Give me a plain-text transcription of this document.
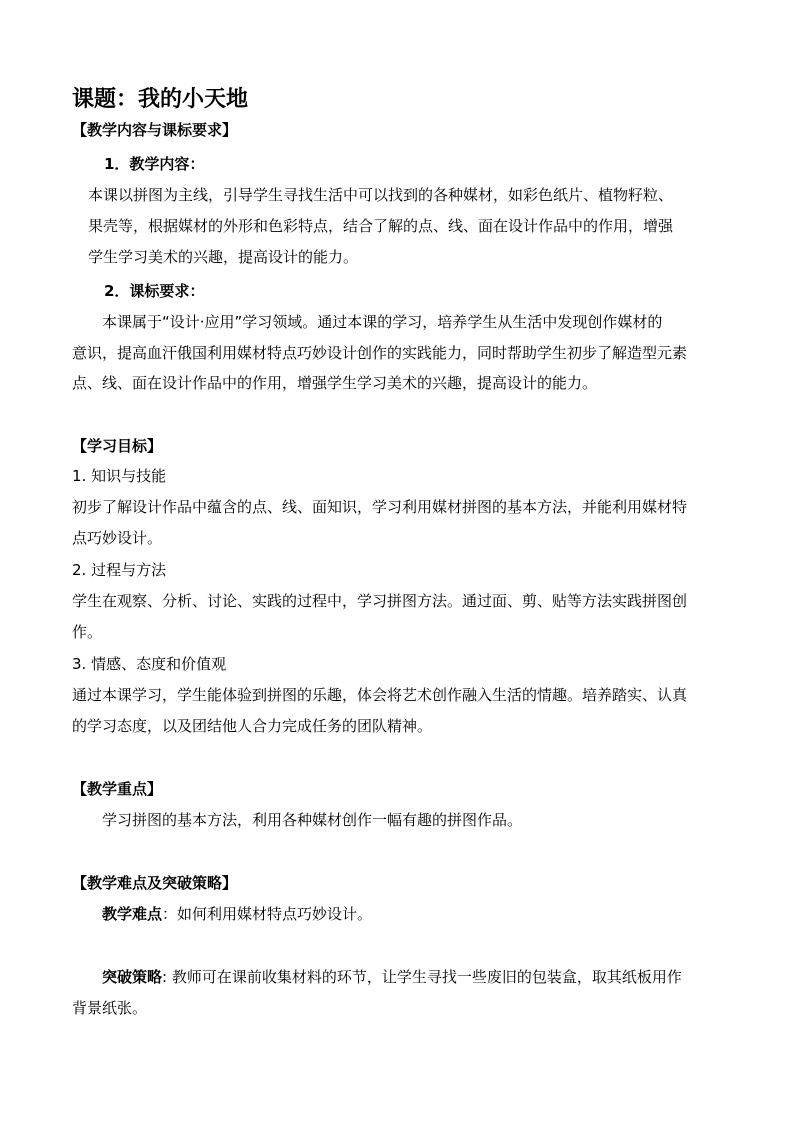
课题：我的小天地
【教学内容与课标要求】
1．教学内容：
本课以拼图为主线，引导学生寻找生活中可以找到的各种媒材，如彩色纸片、植物籽粒、
果壳等，根据媒材的外形和色彩特点，结合了解的点、线、面在设计作品中的作用，增强
学生学习美术的兴趣，提高设计的能力。
2．课标要求：
本课属于“设计·应用”学习领域。通过本课的学习，培养学生从生活中发现创作媒材的
意识，提高血汗俄国利用媒材特点巧妙设计创作的实践能力，同时帮助学生初步了解造型元素
点、线、面在设计作品中的作用，增强学生学习美术的兴趣，提高设计的能力。
【学习目标】
1. 知识与技能
初步了解设计作品中蕴含的点、线、面知识，学习利用媒材拼图的基本方法，并能利用媒材特
点巧妙设计。
2. 过程与方法
学生在观察、分析、讨论、实践的过程中，学习拼图方法。通过面、剪、贴等方法实践拼图创
作。
3. 情感、态度和价值观
通过本课学习，学生能体验到拼图的乐趣，体会将艺术创作融入生活的情趣。培养踏实、认真
的学习态度，以及团结他人合力完成任务的团队精神。
【教学重点】
学习拼图的基本方法，利用各种媒材创作一幅有趣的拼图作品。
【教学难点及突破策略】
教学难点：如何利用媒材特点巧妙设计。
突破策略: 教师可在课前收集材料的环节，让学生寻找一些废旧的包装盒，取其纸板用作
背景纸张。
